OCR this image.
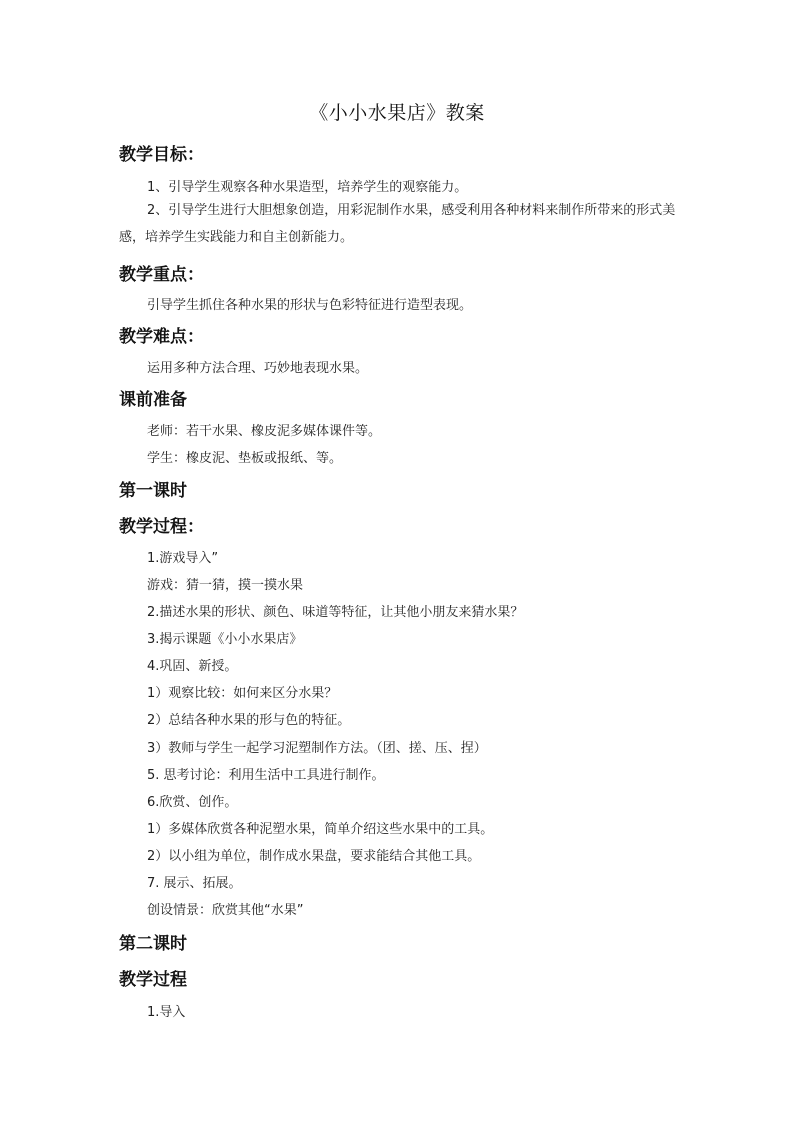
《小小水果店》教案
教学目标：
1、引导学生观察各种水果造型，培养学生的观察能力。
2、引导学生进行大胆想象创造，用彩泥制作水果，感受利用各种材料来制作所带来的形式美感，培养学生实践能力和自主创新能力。
教学重点：
引导学生抓住各种水果的形状与色彩特征进行造型表现。
教学难点：
运用多种方法合理、巧妙地表现水果。
课前准备
老师：若干水果、橡皮泥多媒体课件等。
学生：橡皮泥、垫板或报纸、等。
第一课时
教学过程：
1.游戏导入”
游戏：猜一猜，摸一摸水果
2.描述水果的形状、颜色、味道等特征，让其他小朋友来猜水果？
3.揭示课题《小小水果店》
4.巩固、新授。
1）观察比较：如何来区分水果？
2）总结各种水果的形与色的特征。
3）教师与学生一起学习泥塑制作方法。（团、搓、压、捏）
5. 思考讨论：利用生活中工具进行制作。
6.欣赏、创作。
1）多媒体欣赏各种泥塑水果，简单介绍这些水果中的工具。
2）以小组为单位，制作成水果盘，要求能结合其他工具。
7. 展示、拓展。
创设情景：欣赏其他“水果”
第二课时
教学过程
1.导入
